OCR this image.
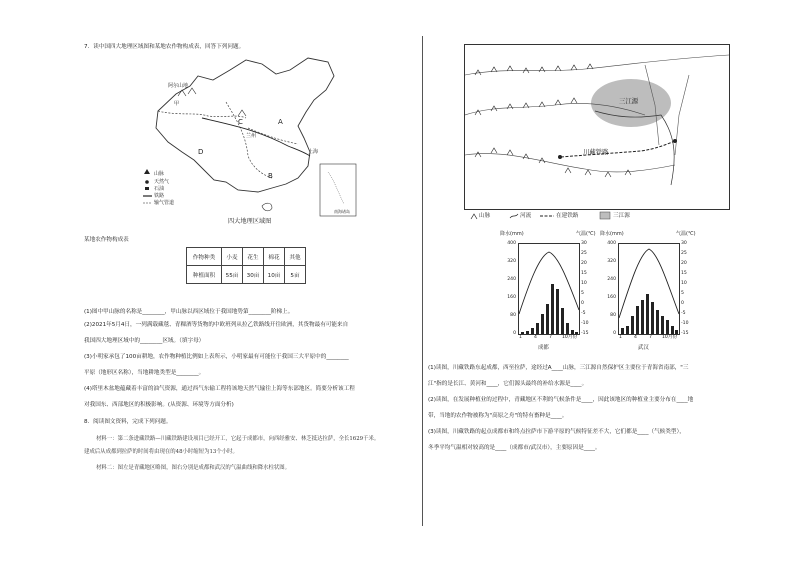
7．读中国四大地理区域图和某地农作物构成表，回答下列问题。
阿尔山地
甲
A
B
C
D
兰州
上海
山脉
天然气
石油
铁路
输气管道
南海诸岛
四大地理区域图
某地农作物构成表
作物种类	小麦	花生	棉花	其他
种植面积	55亩	30亩	10亩	5亩
(1)图中甲山脉的名称是________，甲山脉以西区域位于我国地势第________阶梯上。
(2)2021年5月4日，一列满载藏毯、青稞酒等货物的中欧班列从拉乙铁路线开往欧洲，其货物最有可能来自
我国四大地理区域中的________区域。（填字母）
(3)小明家承包了100亩耕地，农作物种植比例如上表所示，小明家最有可能位于我国三大平原中的________
平原（地形区名称），当地耕地类型是________。
(4)塔里木盆地蕴藏着丰富的油气资源，通过西气东输工程将该地天然气输往上海等东部地区。简要分析该工程
对我国东、西部地区的积极影响。(从资源、环境等方面分析)
8．阅读图文资料，完成下列问题。
材料一：第二条进藏铁路—川藏铁路建设项目已经开工，它起于成都市，向西经雅安、林芝抵达拉萨，全长1629千米。
建成后从成都到拉萨的时间将由现在的48小时缩短为13个小时。
材料二：图左是青藏地区略图，图右分别是成都和武汉的气温曲线和降水柱状图。
三江源
川藏铁路
山脉	河流	在建铁路	三江源
降水(mm)	气温(℃)
400
320
240
160
80
0
30
25
20
15
10
5
0
-5
-10
-15
1	4	7 10月份
成都
降水(mm)	气温(℃)
400
320
240
160
80
0
30
25
20
15
10
5
0
-5
-10
-15
1	4	7 10月份
武汉
(1)读图，川藏铁路东起成都，西至拉萨，途经过A____山脉，三江源自然保护区主要位于青海省南部，"三
江"指的是长江、黄河和____，它们源头最终的补给水源是____。
(2)读图，在发展种植业的过程中，青藏地区不利的气候条件是____，因此该地区的种植业主要分布在____地
带，当地的农作物被称为"高原之舟"的特有畜种是____。
(3)读图，川藏铁路的起点成都市和终点拉萨市下游平原的气候特征差不大，它们都是____（气候类型），
冬季平均气温相对较高的是____（成都市/武汉市），主要原因是____。
